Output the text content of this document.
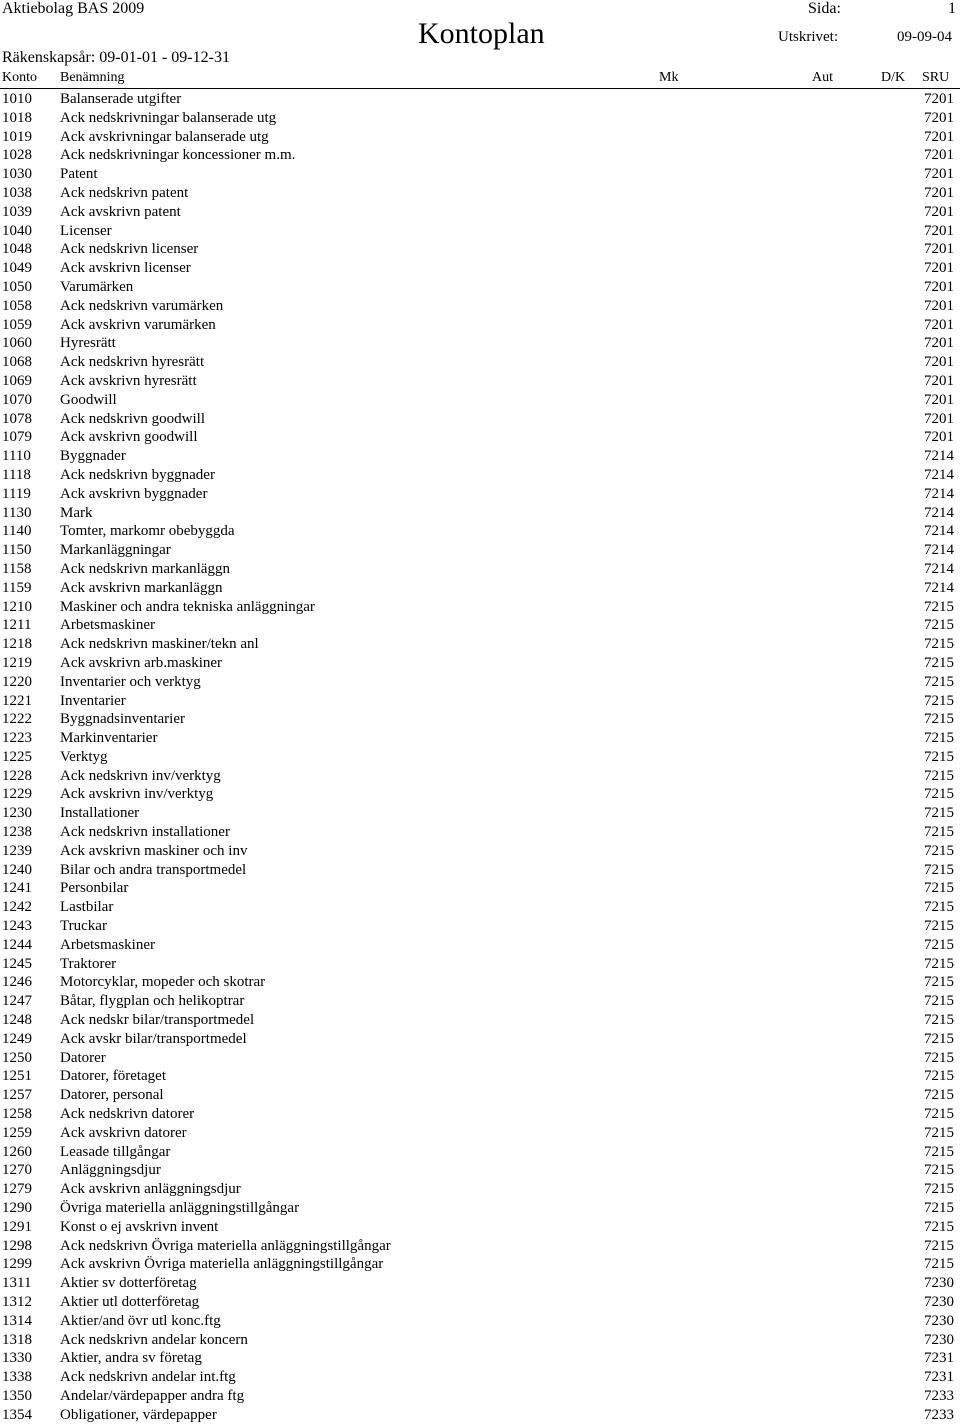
Aktiebolag BAS 2009	Sida:	1
Kontoplan	Utskrivet:	09-09-04
Räkenskapsår: 09-01-01 - 09-12-31
Konto Benämning	Mk	Aut	D/K SRU
1010 Balanserade utgifter	7201
1018 Ack nedskrivningar balanserade utg	7201
1019 Ack avskrivningar balanserade utg	7201
1028 Ack nedskrivningar koncessioner m.m.	7201
1030 Patent	7201
1038 Ack nedskrivn patent	7201
1039 Ack avskrivn patent	7201
1040 Licenser	7201
1048 Ack nedskrivn licenser	7201
1049 Ack avskrivn licenser	7201
1050 Varumärken	7201
1058 Ack nedskrivn varumärken	7201
1059 Ack avskrivn varumärken	7201
1060 Hyresrätt	7201
1068 Ack nedskrivn hyresrätt	7201
1069 Ack avskrivn hyresrätt	7201
1070 Goodwill	7201
1078 Ack nedskrivn goodwill	7201
1079 Ack avskrivn goodwill	7201
1110 Byggnader	7214
1118 Ack nedskrivn byggnader	7214
1119 Ack avskrivn byggnader	7214
1130 Mark	7214
1140 Tomter, markomr obebyggda	7214
1150 Markanläggningar	7214
1158 Ack nedskrivn markanläggn	7214
1159 Ack avskrivn markanläggn	7214
1210 Maskiner och andra tekniska anläggningar	7215
1211 Arbetsmaskiner	7215
1218 Ack nedskrivn maskiner/tekn anl	7215
1219 Ack avskrivn arb.maskiner	7215
1220 Inventarier och verktyg	7215
1221 Inventarier	7215
1222 Byggnadsinventarier	7215
1223 Markinventarier	7215
1225 Verktyg	7215
1228 Ack nedskrivn inv/verktyg	7215
1229 Ack avskrivn inv/verktyg	7215
1230 Installationer	7215
1238 Ack nedskrivn installationer	7215
1239 Ack avskrivn maskiner och inv	7215
1240 Bilar och andra transportmedel	7215
1241 Personbilar	7215
1242 Lastbilar	7215
1243 Truckar	7215
1244 Arbetsmaskiner	7215
1245 Traktorer	7215
1246 Motorcyklar, mopeder och skotrar	7215
1247 Båtar, flygplan och helikoptrar	7215
1248 Ack nedskr bilar/transportmedel	7215
1249 Ack avskr bilar/transportmedel	7215
1250 Datorer	7215
1251 Datorer, företaget	7215
1257 Datorer, personal	7215
1258 Ack nedskrivn datorer	7215
1259 Ack avskrivn datorer	7215
1260 Leasade tillgångar	7215
1270 Anläggningsdjur	7215
1279 Ack avskrivn anläggningsdjur	7215
1290 Övriga materiella anläggningstillgångar	7215
1291 Konst o ej avskrivn invent	7215
1298 Ack nedskrivn Övriga materiella anläggningstillgångar	7215
1299 Ack avskrivn Övriga materiella anläggningstillgångar	7215
1311 Aktier sv dotterföretag	7230
1312 Aktier utl dotterföretag	7230
1314 Aktier/and övr utl konc.ftg	7230
1318 Ack nedskrivn andelar koncern	7230
1330 Aktier, andra sv företag	7231
1338 Ack nedskrivn andelar int.ftg	7231
1350 Andelar/värdepapper andra ftg	7233
1354 Obligationer, värdepapper	7233
